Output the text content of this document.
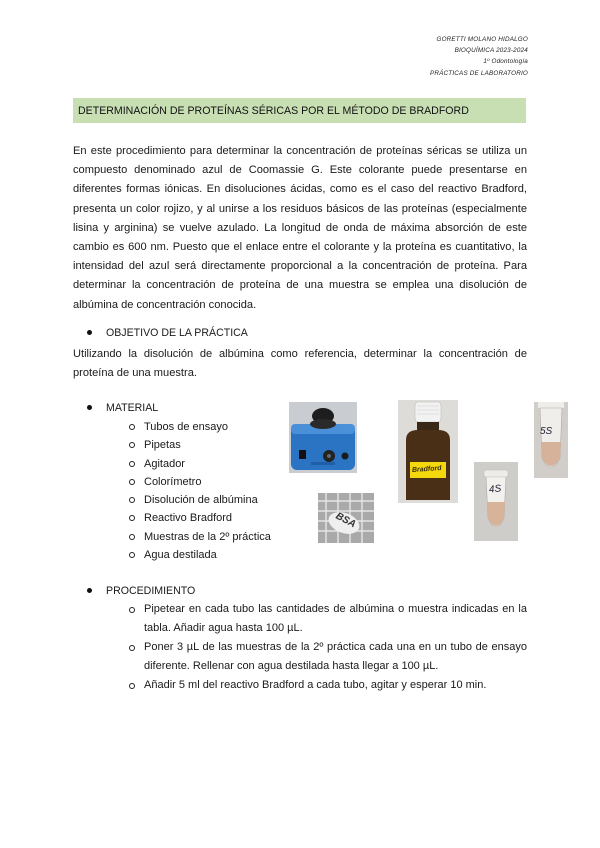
GORETTI MOLANO HIDALGO
BIOQUÍMICA 2023-2024
1º Odontología
PRÁCTICAS DE LABORATORIO
DETERMINACIÓN DE PROTEÍNAS SÉRICAS POR EL MÉTODO DE BRADFORD

En este procedimiento para determinar la concentración de proteínas séricas se utiliza un compuesto denominado azul de Coomassie G. Este colorante puede presentarse en diferentes formas iónicas. En disoluciones ácidas, como es el caso del reactivo Bradford, presenta un color rojizo, y al unirse a los residuos básicos de las proteínas (especialmente lisina y arginina) se vuelve azulado. La longitud de onda de máxima absorción de este cambio es 600 nm. Puesto que el enlace entre el colorante y la proteína es cuantitativo, la intensidad del azul será directamente proporcional a la concentración de proteína. Para determinar la concentración de proteína de una muestra se emplea una disolución de albúmina de concentración conocida.

OBJETIVO DE LA PRÁCTICA

Utilizando la disolución de albúmina como referencia, determinar la concentración de proteína de una muestra.

MATERIAL
Tubos de ensayo
Pipetas
Agitador
Colorímetro
Disolución de albúmina
Reactivo Bradford
Muestras de la 2º práctica
Agua destilada
Bradford
BSA
4S
5S
PROCEDIMIENTO
Pipetear en cada tubo las cantidades de albúmina o muestra indicadas en la tabla. Añadir agua hasta 100 µL.
Poner 3 µL de las muestras de la 2º práctica cada una en un tubo de ensayo diferente. Rellenar con agua destilada hasta llegar a 100 µL.
Añadir 5 ml del reactivo Bradford a cada tubo, agitar y esperar 10 min.
